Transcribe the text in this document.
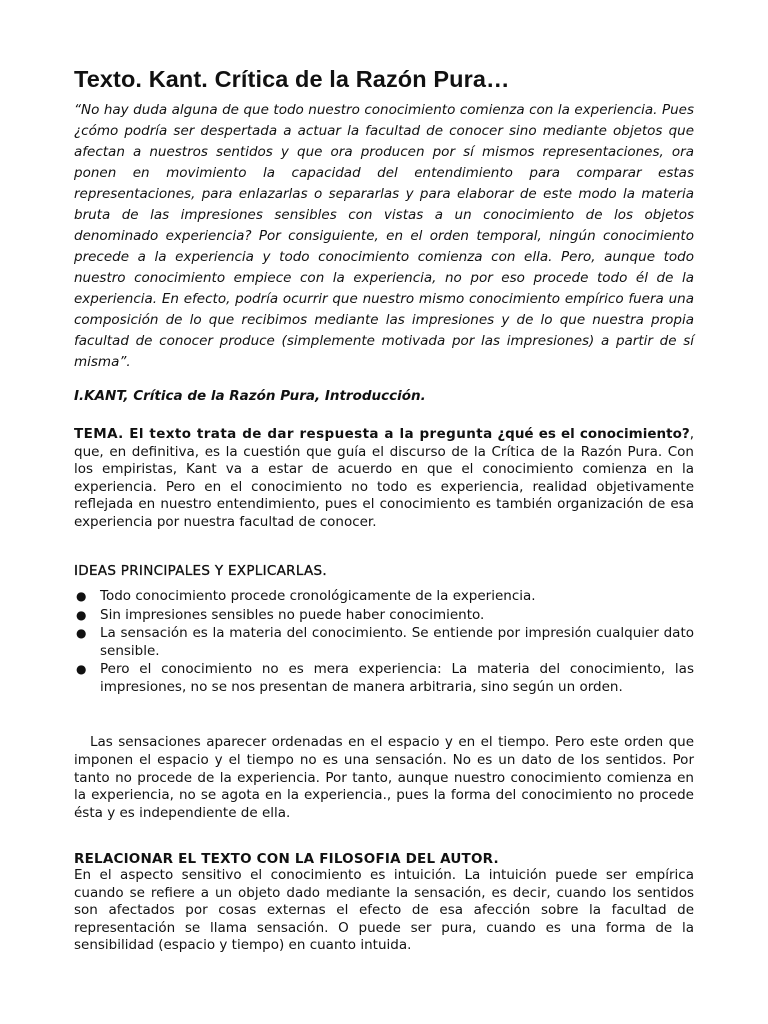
Texto. Kant. Crítica de la Razón Pura…

“No hay duda alguna de que todo nuestro conocimiento comienza con la experiencia. Pues ¿cómo podría ser despertada a actuar la facultad de conocer sino mediante objetos que afectan a nuestros sentidos y que ora producen por sí mismos representaciones, ora ponen en movimiento la capacidad del entendimiento para comparar estas representaciones, para enlazarlas o separarlas y para elaborar de este modo la materia bruta de las impresiones sensibles con vistas a un conocimiento de los objetos denominado experiencia? Por consiguiente, en el orden temporal, ningún conocimiento precede a la experiencia y todo conocimiento comienza con ella. Pero, aunque todo nuestro conocimiento empiece con la experiencia, no por eso procede todo él de la experiencia. En efecto, podría ocurrir que nuestro mismo conocimiento empírico fuera una composición de lo que recibimos mediante las impresiones y de lo que nuestra propia facultad de conocer produce (simplemente motivada por las impresiones) a partir de sí misma”.

I.KANT, Crítica de la Razón Pura, Introducción.

TEMA. El texto trata de dar respuesta a la pregunta ¿qué es el conocimiento?, que, en definitiva, es la cuestión que guía el discurso de la Crítica de la Razón Pura. Con los empiristas, Kant va a estar de acuerdo en que el conocimiento comienza en la experiencia. Pero en el conocimiento no todo es experiencia, realidad objetivamente reflejada en nuestro entendimiento, pues el conocimiento es también organización de esa experiencia por nuestra facultad de conocer.

IDEAS PRINCIPALES Y EXPLICARLAS.
● Todo conocimiento procede cronológicamente de la experiencia.
● Sin impresiones sensibles no puede haber conocimiento.
● La sensación es la materia del conocimiento. Se entiende por impresión cualquier dato sensible.
● Pero el conocimiento no es mera experiencia: La materia del conocimiento, las impresiones, no se nos presentan de manera arbitraria, sino según un orden.

Las sensaciones aparecer ordenadas en el espacio y en el tiempo. Pero este orden que imponen el espacio y el tiempo no es una sensación. No es un dato de los sentidos. Por tanto no procede de la experiencia. Por tanto, aunque nuestro conocimiento comienza en la experiencia, no se agota en la experiencia., pues la forma del conocimiento no procede ésta y es independiente de ella.

RELACIONAR EL TEXTO CON LA FILOSOFIA DEL AUTOR.

En el aspecto sensitivo el conocimiento es intuición. La intuición puede ser empírica cuando se refiere a un objeto dado mediante la sensación, es decir, cuando los sentidos son afectados por cosas externas el efecto de esa afección sobre la facultad de representación se llama sensación. O puede ser pura, cuando es una forma de la sensibilidad (espacio y tiempo) en cuanto intuida.
